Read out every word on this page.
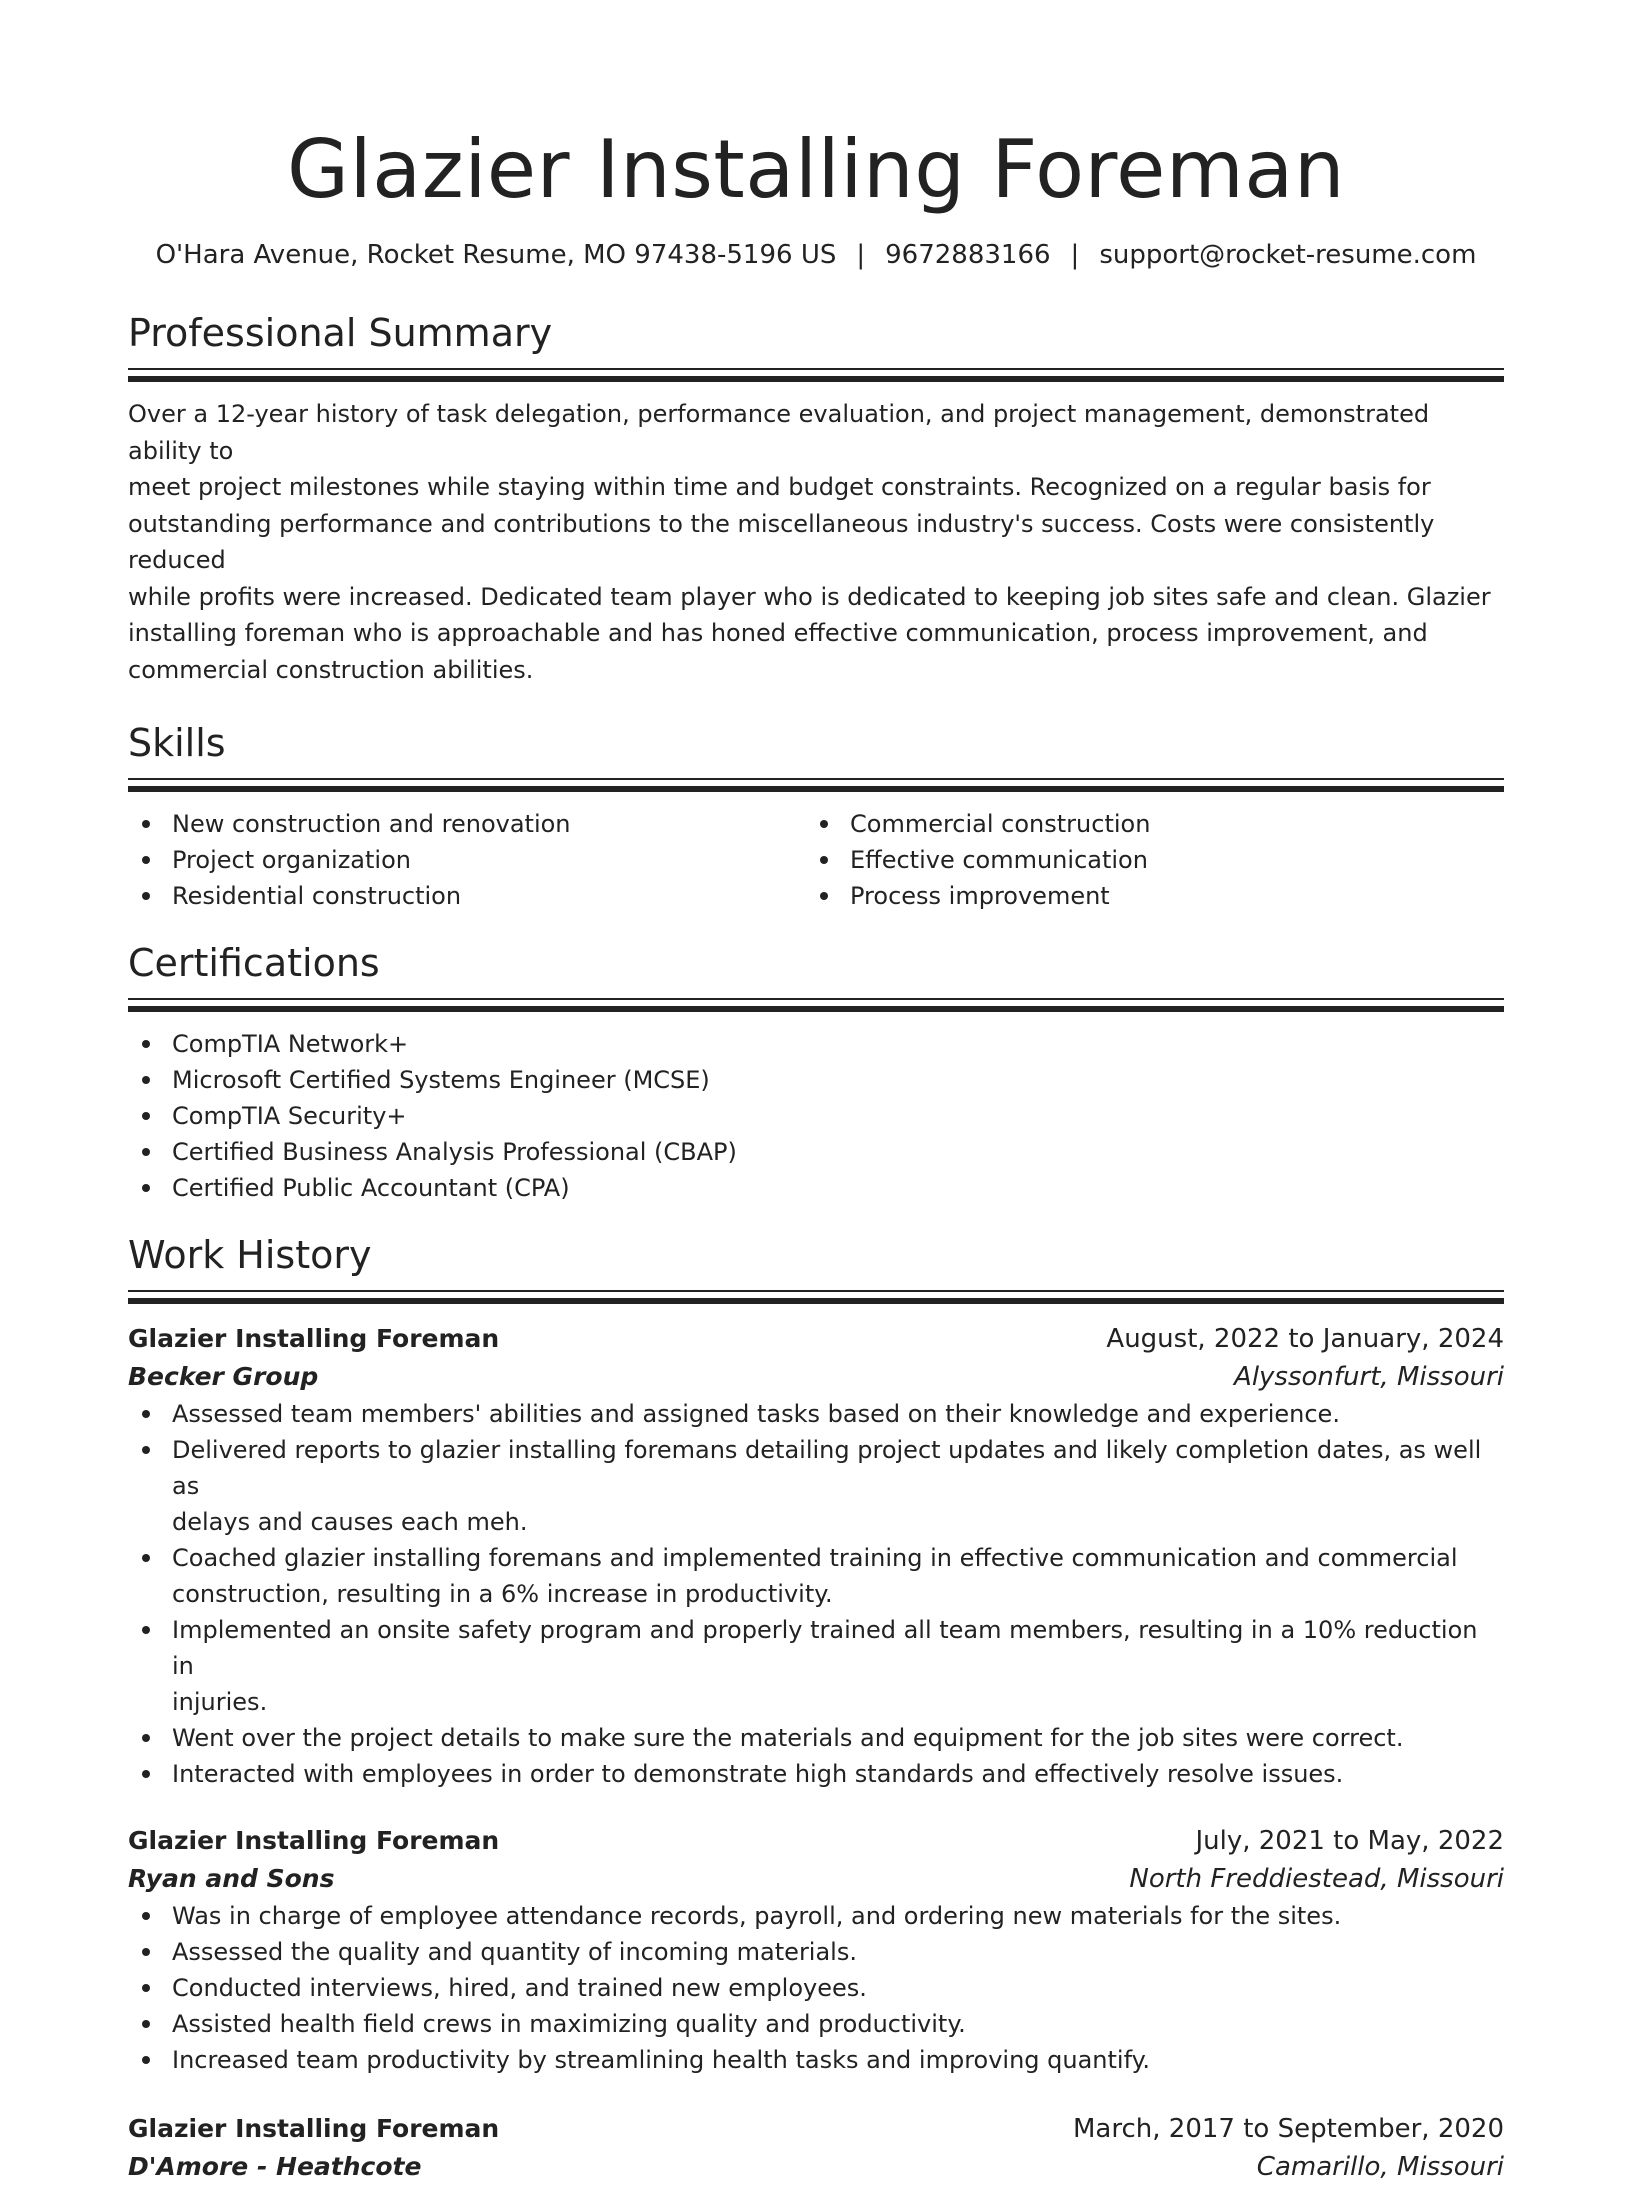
Glazier Installing Foreman
O'Hara Avenue, Rocket Resume, MO 97438-5196 US | 9672883166 | support@rocket-resume.com
Professional Summary
Over a 12-year history of task delegation, performance evaluation, and project management, demonstrated ability to
meet project milestones while staying within time and budget constraints. Recognized on a regular basis for
outstanding performance and contributions to the miscellaneous industry's success. Costs were consistently reduced
while profits were increased. Dedicated team player who is dedicated to keeping job sites safe and clean. Glazier
installing foreman who is approachable and has honed effective communication, process improvement, and
commercial construction abilities.
Skills
New construction and renovation
Project organization
Residential construction
Commercial construction
Effective communication
Process improvement
Certifications
CompTIA Network+
Microsoft Certified Systems Engineer (MCSE)
CompTIA Security+
Certified Business Analysis Professional (CBAP)
Certified Public Accountant (CPA)
Work History
Glazier Installing Foreman	August, 2022 to January, 2024
Becker Group	Alyssonfurt, Missouri
Assessed team members' abilities and assigned tasks based on their knowledge and experience.
Delivered reports to glazier installing foremans detailing project updates and likely completion dates, as well as
delays and causes each meh.
Coached glazier installing foremans and implemented training in effective communication and commercial
construction, resulting in a 6% increase in productivity.
Implemented an onsite safety program and properly trained all team members, resulting in a 10% reduction in
injuries.
Went over the project details to make sure the materials and equipment for the job sites were correct.
Interacted with employees in order to demonstrate high standards and effectively resolve issues.
Glazier Installing Foreman	July, 2021 to May, 2022
Ryan and Sons	North Freddiestead, Missouri
Was in charge of employee attendance records, payroll, and ordering new materials for the sites.
Assessed the quality and quantity of incoming materials.
Conducted interviews, hired, and trained new employees.
Assisted health field crews in maximizing quality and productivity.
Increased team productivity by streamlining health tasks and improving quantify.
Glazier Installing Foreman	March, 2017 to September, 2020
D'Amore - Heathcote	Camarillo, Missouri
